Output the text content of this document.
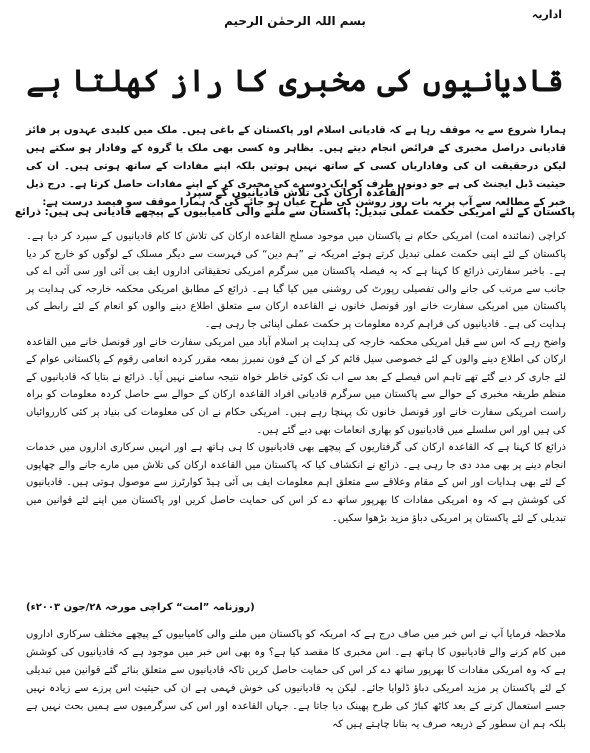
اداریہ
بسم اللہ الرحمٰن الرحیم
قادیانیوں کی مخبری کا راز کھلتا ہے

ہمارا شروع سے یہ موقف رہا ہے کہ قادیانی اسلام اور پاکستان کے باغی ہیں۔ ملک میں کلیدی عہدوں پر فائز قادیانی دراصل مخبری کے فرائض انجام دیتے ہیں۔ بظاہر وہ کسی بھی ملک یا گروہ کے وفادار ہو سکتے ہیں لیکن درحقیقت ان کی وفاداریاں کسی کے ساتھ نہیں ہوتیں بلکہ اپنے مفادات کے ساتھ ہوتی ہیں۔ ان کی حیثیت ڈبل ایجنٹ کی ہے جو دونوں طرف کو ایک دوسرے کی مخبری کر کے اپنے مفادات حاصل کرتا ہے۔ درج ذیل خبر کے مطالعہ سے آپ پر یہ بات روز روشن کی طرح عیاں ہو جائے گی کہ ہمارا موقف سو فیصد درست ہے:

القاعدہ ارکان کی تلاش قادیانیوں کے سپرد
پاکستان کے لئے امریکی حکمت عملی تبدیل: پاکستان سے ملنے والی کامیابیوں کے پیچھے قادیانی ہی ہیں: ذرائع

کراچی (نمائندہ امت) امریکی حکام نے پاکستان میں موجود مسلح القاعدہ ارکان کی تلاش کا کام قادیانیوں کے سپرد کر دیا ہے۔ پاکستان کے لئے اپنی حکمت عملی تبدیل کرتے ہوئے امریکہ نے ”ہم دین“ کی فہرست سے دیگر مسلک کے لوگوں کو خارج کر دیا ہے۔ باخبر سفارتی ذرائع کا کہنا ہے کہ یہ فیصلہ پاکستان میں سرگرم امریکی تحقیقاتی اداروں ایف بی آئی اور سی آئی اے کی جانب سے مرتب کی جانے والی تفصیلی رپورٹ کی روشنی میں کیا گیا ہے۔ ذرائع کے مطابق امریکی محکمہ خارجہ کی ہدایت پر پاکستان میں امریکی سفارت خانے اور قونصل خانوں نے القاعدہ ارکان سے متعلق اطلاع دینے والوں کو انعام کے لئے رابطے کی ہدایت کی ہے۔ قادیانیوں کی فراہم کردہ معلومات پر حکمت عملی اپنائی جا رہی ہے۔

واضح رہے کہ اس سے قبل امریکی محکمہ خارجہ کی ہدایت پر اسلام آباد میں امریکی سفارت خانے اور قونصل خانے میں القاعدہ ارکان کی اطلاع دینے والوں کے لئے خصوصی سیل قائم کر کے ان کے فون نمبرز بمعہ مقرر کردہ انعامی رقوم کے پاکستانی عوام کے لئے جاری کر دیے گئے تھے تاہم اس فیصلے کے بعد سے اب تک کوئی خاطر خواہ نتیجہ سامنے نہیں آیا۔ ذرائع نے بتایا کہ قادیانیوں کے منظم طریقہ مخبری کے حوالے سے پاکستان میں سرگرم قادیانی افراد القاعدہ ارکان کے حوالے سے حاصل کردہ معلومات کو براہ راست امریکی سفارت خانے اور قونصل خانوں تک پہنچا رہے ہیں۔ امریکی حکام نے ان کی معلومات کی بنیاد پر کئی کارروائیاں کی ہیں اور اس سلسلے میں قادیانیوں کو بھاری انعامات بھی دیے گئے ہیں۔

ذرائع کا کہنا ہے کہ القاعدہ ارکان کی گرفتاریوں کے پیچھے بھی قادیانیوں کا ہی ہاتھ ہے اور انہیں سرکاری اداروں میں خدمات انجام دینے پر بھی مدد دی جا رہی ہے۔ ذرائع نے انکشاف کیا کہ پاکستان میں القاعدہ ارکان کی تلاش میں مارے جانے والے چھاپوں کے لئے بھی ہدایات اور اس کے مقام وعلاقے سے متعلق اہم معلومات ایف بی آئی ہیڈ کوارٹرز سے موصول ہوتی ہیں۔ قادیانیوں کی کوشش ہے کہ وہ امریکی مفادات کا بھرپور ساتھ دے کر اس کی حمایت حاصل کریں اور پاکستان میں اپنے لئے قوانین میں تبدیلی کے لئے پاکستان پر امریکی دباؤ مزید بڑھوا سکیں۔

(روزنامہ ”امت“ کراچی مورخہ ۲۸/جون ۲۰۰۳ء)

ملاحظہ فرمایا آپ نے اس خبر میں صاف درج ہے کہ امریکہ کو پاکستان میں ملنے والی کامیابیوں کے پیچھے مختلف سرکاری اداروں میں کام کرنے والے قادیانیوں کا ہاتھ ہے۔ اس مخبری کا مقصد کیا ہے؟ وہ بھی اس خبر میں موجود ہے کہ قادیانیوں کی کوشش ہے کہ وہ امریکی مفادات کا بھرپور ساتھ دے کر اس کی حمایت حاصل کریں تاکہ قادیانیوں سے متعلق بنائے گئے قوانین میں تبدیلی کے لئے پاکستان پر مزید امریکی دباؤ ڈلوایا جائے۔ لیکن یہ قادیانیوں کی خوش فہمی ہے ان کی حیثیت اس پرزے سے زیادہ نہیں جسے استعمال کرنے کے بعد کاٹھ کباڑ کی طرح پھینک دیا جاتا ہے۔ جہاں القاعدہ اور اس کی سرگرمیوں سے ہمیں بحث نہیں ہے بلکہ ہم ان سطور کے ذریعہ صرف یہ بتانا چاہتے ہیں کہ
